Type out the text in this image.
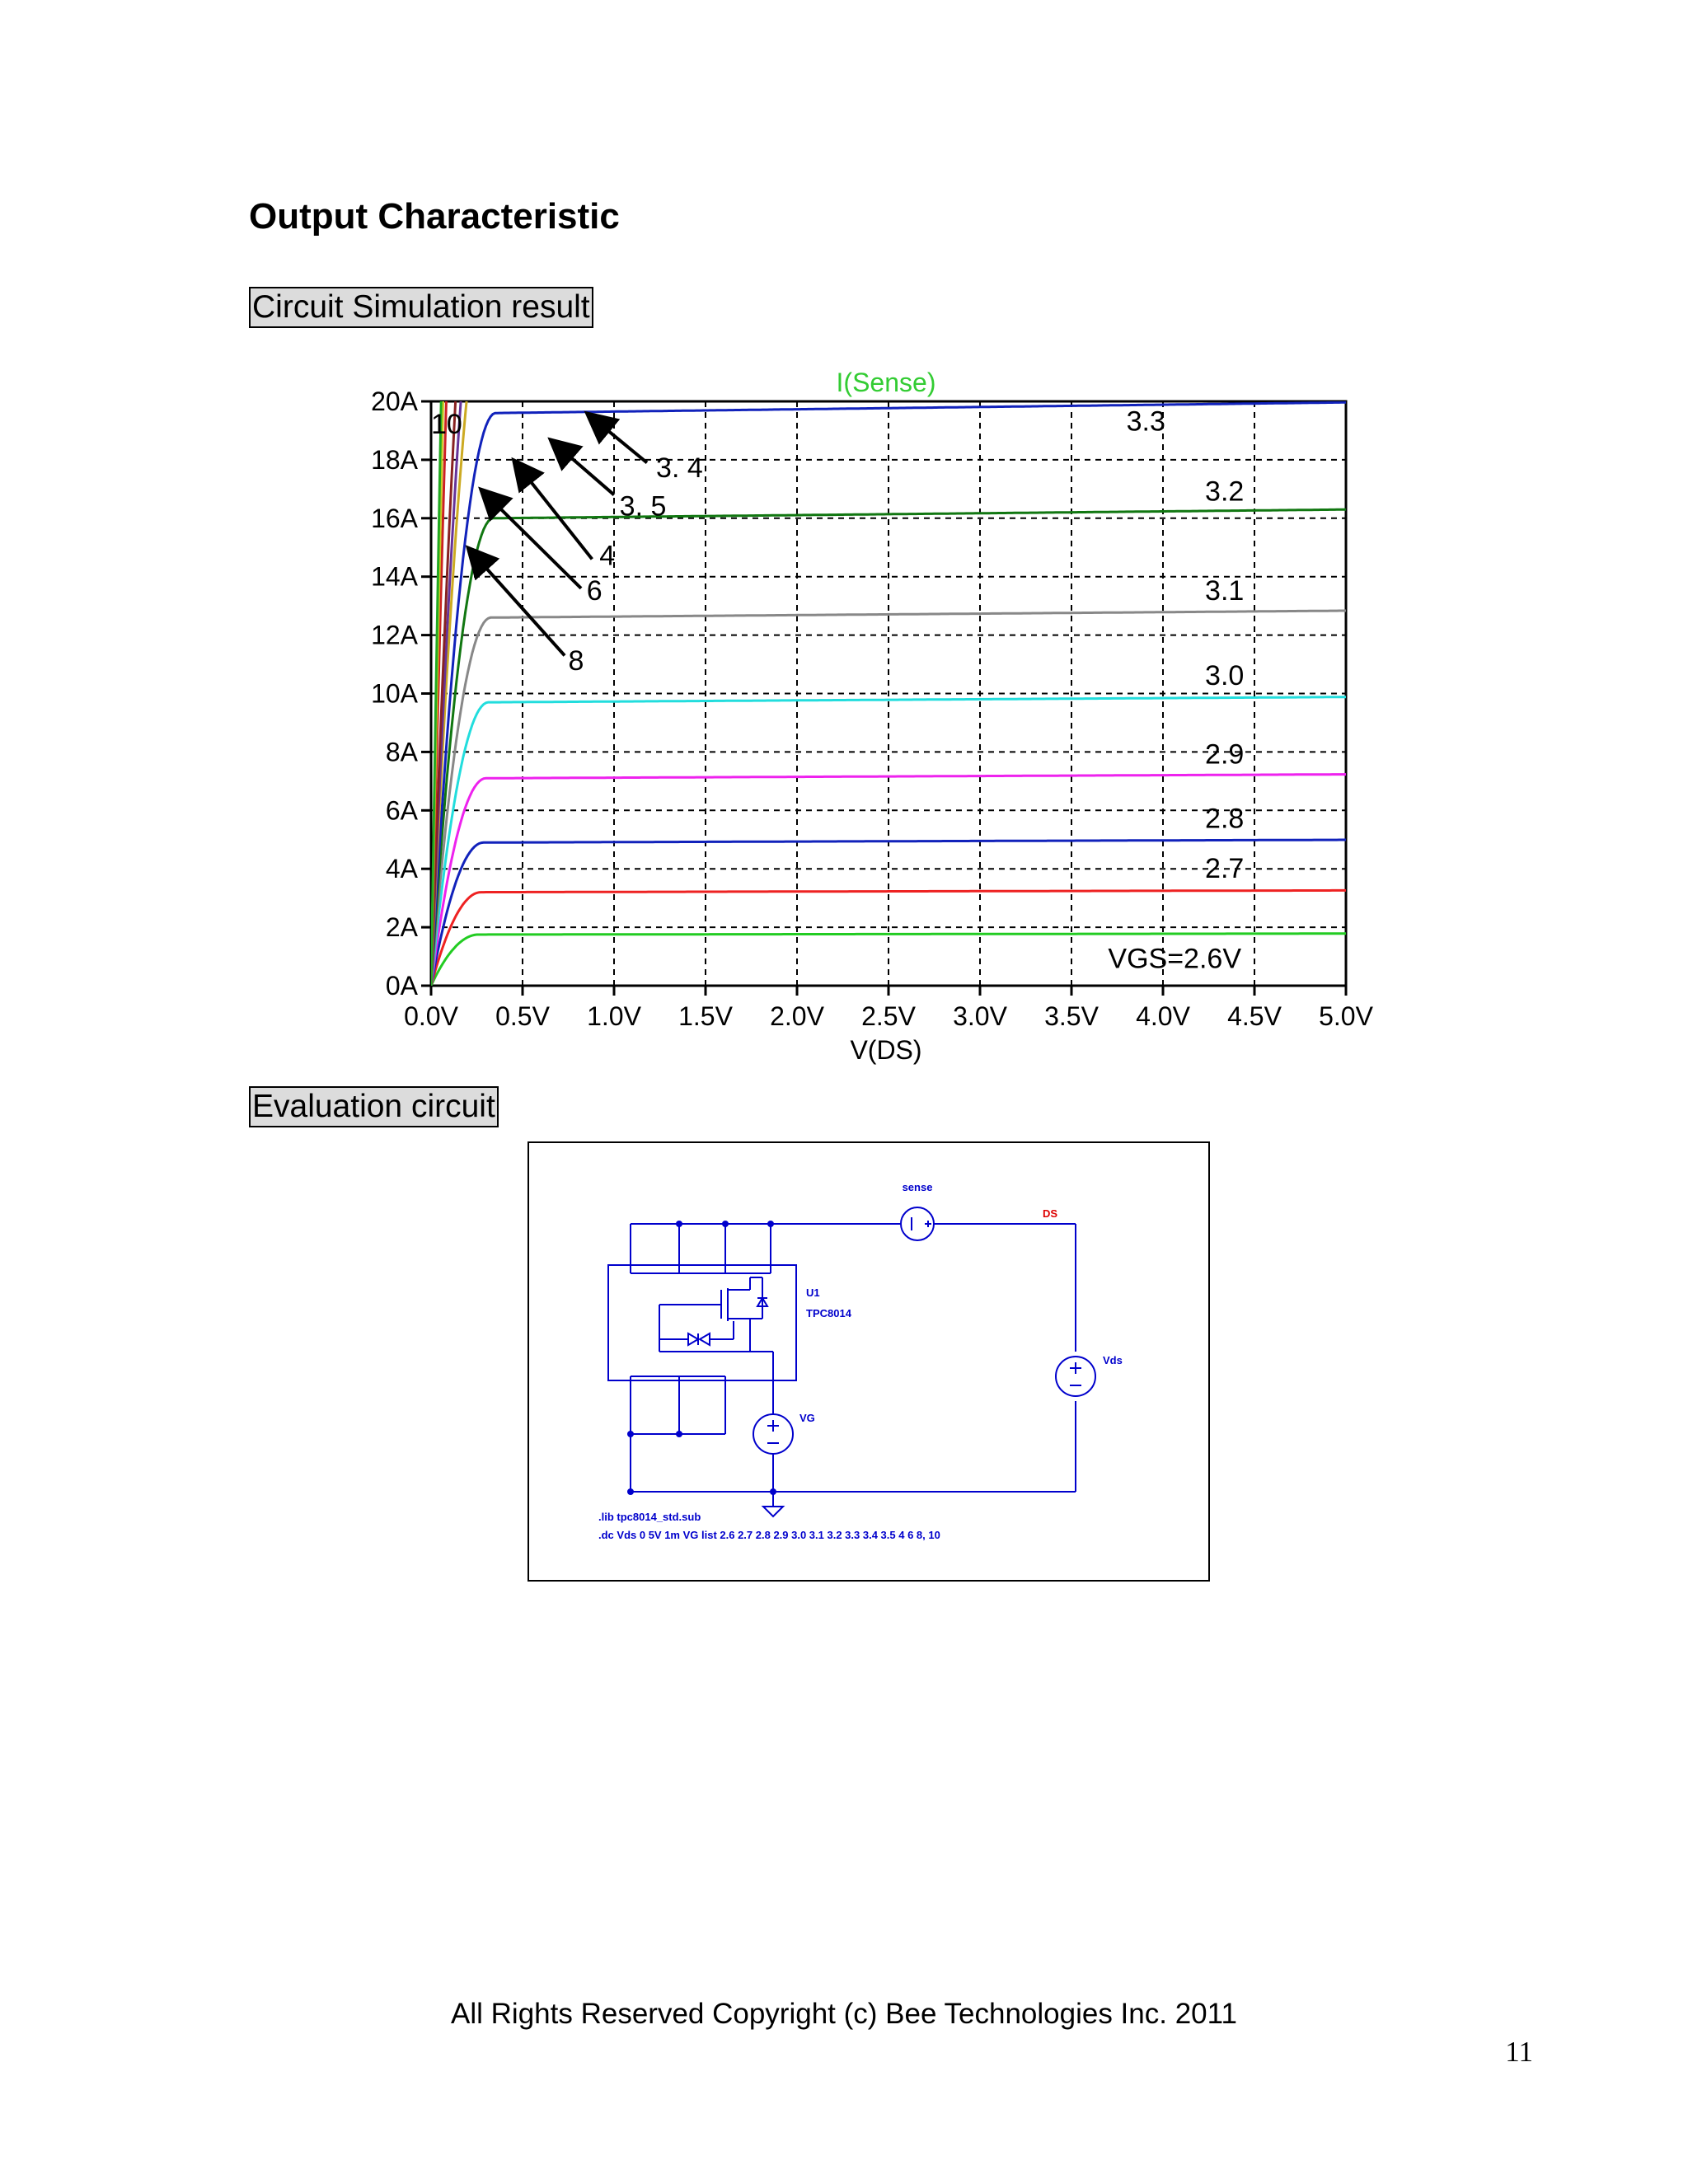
Output Characteristic
Circuit Simulation result
0.0V 0.5V 1.0V 1.5V 2.0V 2.5V 3.0V 3.5V 4.0V 4.5V 5.0V
0A
2A
4A
6A
8A
10A
12A
14A
16A
18A
20A
3.3
3.2
3.1
3.0
2.9
2.8
2.7
VGS=2.6V
10
3. 4
3. 5
4
6
8
I(Sense)
V(DS)
Evaluation circuit
sense
DS
U1
TPC8014
Vds
VG
.lib tpc8014_std.sub
.dc Vds 0 5V 1m VG list 2.6 2.7 2.8 2.9 3.0 3.1 3.2 3.3 3.4 3.5 4 6 8, 10
All Rights Reserved Copyright (c) Bee Technologies Inc. 2011
11
